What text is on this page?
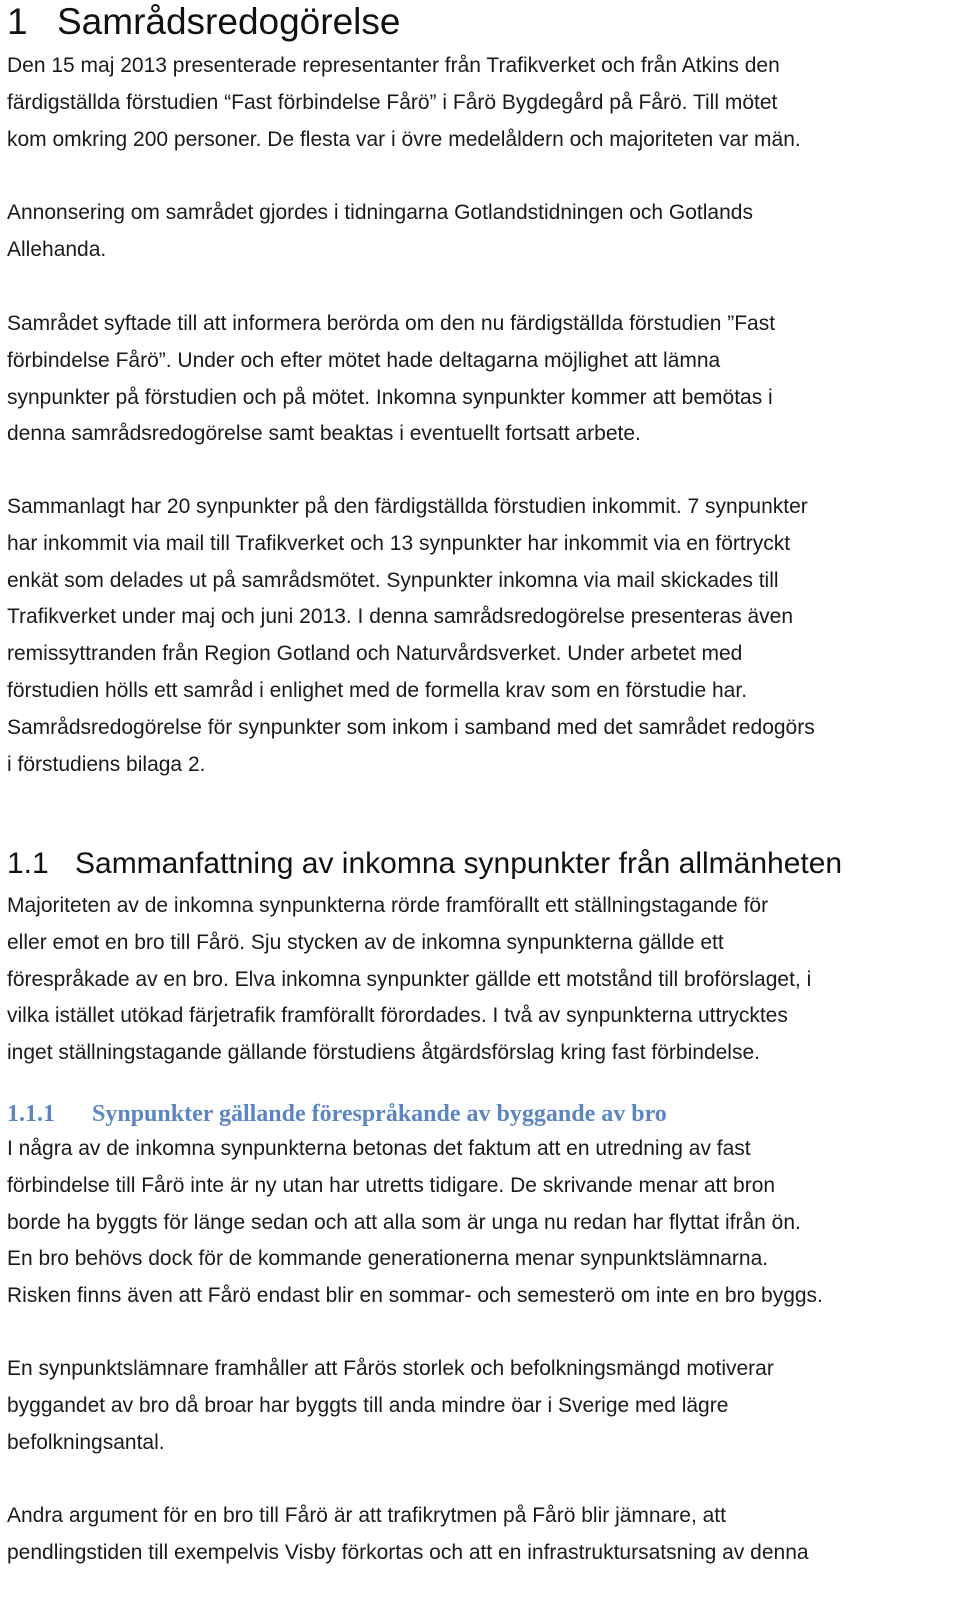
1 Samrådsredogörelse

Den 15 maj 2013 presenterade representanter från Trafikverket och från Atkins den
färdigställda förstudien “Fast förbindelse Fårö” i Fårö Bygdegård på Fårö. Till mötet
kom omkring 200 personer. De flesta var i övre medelåldern och majoriteten var män.

Annonsering om samrådet gjordes i tidningarna Gotlandstidningen och Gotlands
Allehanda.

Samrådet syftade till att informera berörda om den nu färdigställda förstudien ”Fast
förbindelse Fårö”. Under och efter mötet hade deltagarna möjlighet att lämna
synpunkter på förstudien och på mötet. Inkomna synpunkter kommer att bemötas i
denna samrådsredogörelse samt beaktas i eventuellt fortsatt arbete.

Sammanlagt har 20 synpunkter på den färdigställda förstudien inkommit. 7 synpunkter
har inkommit via mail till Trafikverket och 13 synpunkter har inkommit via en förtryckt
enkät som delades ut på samrådsmötet. Synpunkter inkomna via mail skickades till
Trafikverket under maj och juni 2013. I denna samrådsredogörelse presenteras även
remissyttranden från Region Gotland och Naturvårdsverket. Under arbetet med
förstudien hölls ett samråd i enlighet med de formella krav som en förstudie har.
Samrådsredogörelse för synpunkter som inkom i samband med det samrådet redogörs
i förstudiens bilaga 2.

1.1 Sammanfattning av inkomna synpunkter från allmänheten

Majoriteten av de inkomna synpunkterna rörde framförallt ett ställningstagande för
eller emot en bro till Fårö. Sju stycken av de inkomna synpunkterna gällde ett
förespråkade av en bro. Elva inkomna synpunkter gällde ett motstånd till broförslaget, i
vilka istället utökad färjetrafik framförallt förordades. I två av synpunkterna uttrycktes
inget ställningstagande gällande förstudiens åtgärdsförslag kring fast förbindelse.

1.1.1 Synpunkter gällande förespråkande av byggande av bro

I några av de inkomna synpunkterna betonas det faktum att en utredning av fast
förbindelse till Fårö inte är ny utan har utretts tidigare. De skrivande menar att bron
borde ha byggts för länge sedan och att alla som är unga nu redan har flyttat ifrån ön.
En bro behövs dock för de kommande generationerna menar synpunktslämnarna.
Risken finns även att Fårö endast blir en sommar- och semesterö om inte en bro byggs.

En synpunktslämnare framhåller att Fårös storlek och befolkningsmängd motiverar
byggandet av bro då broar har byggts till anda mindre öar i Sverige med lägre
befolkningsantal.

Andra argument för en bro till Fårö är att trafikrytmen på Fårö blir jämnare, att
pendlingstiden till exempelvis Visby förkortas och att en infrastruktursatsning av denna
